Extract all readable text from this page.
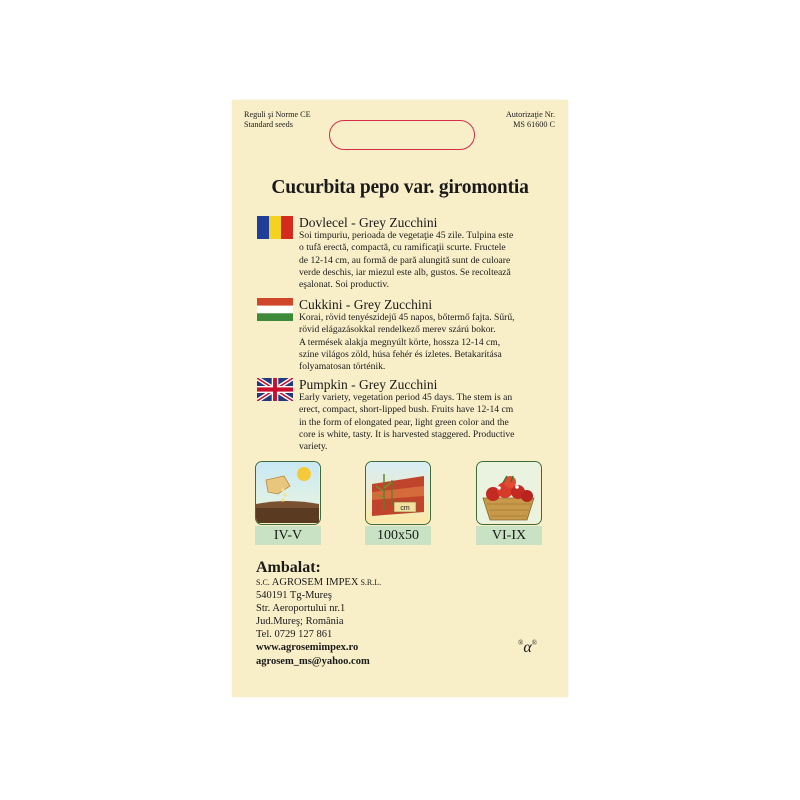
Reguli şi Norme CE
Standard seeds
Autorizaţie Nr.
MS 61600 C
Cucurbita pepo var. giromontia
Dovlecel - Grey Zucchini
Soi timpuriu, perioada de vegetaţie 45 zile. Tulpina este
o tufă erectă, compactă, cu ramificaţii scurte. Fructele
de 12-14 cm, au formă de pară alungită sunt de culoare
verde deschis, iar miezul este alb, gustos. Se recoltează
eşalonat. Soi productiv.
Cukkini - Grey Zucchini
Korai, rövid tenyészidejű 45 napos, bőtermő fajta. Sűrű,
rövid elágazásokkal rendelkező merev szárú bokor.
A termések alakja megnyúlt körte, hossza 12-14 cm,
színe világos zöld, húsa fehér és ízletes. Betakarítása
folyamatosan történik.
Pumpkin - Grey Zucchini
Early variety, vegetation period 45 days. The stem is an
erect, compact, short-lipped bush. Fruits have 12-14 cm
in the form of elongated pear, light green color and the
core is white, tasty. It is harvested staggered. Productive
variety.
IV-V
cm
100x50	VI-IX
Ambalat:
S.C. AGROSEM IMPEX S.R.L.
540191 Tg-Mureş
Str. Aeroportului nr.1
Jud.Mureş; România
Tel. 0729 127 861
www.agrosemimpex.ro
agrosem_ms@yahoo.com
®α®
